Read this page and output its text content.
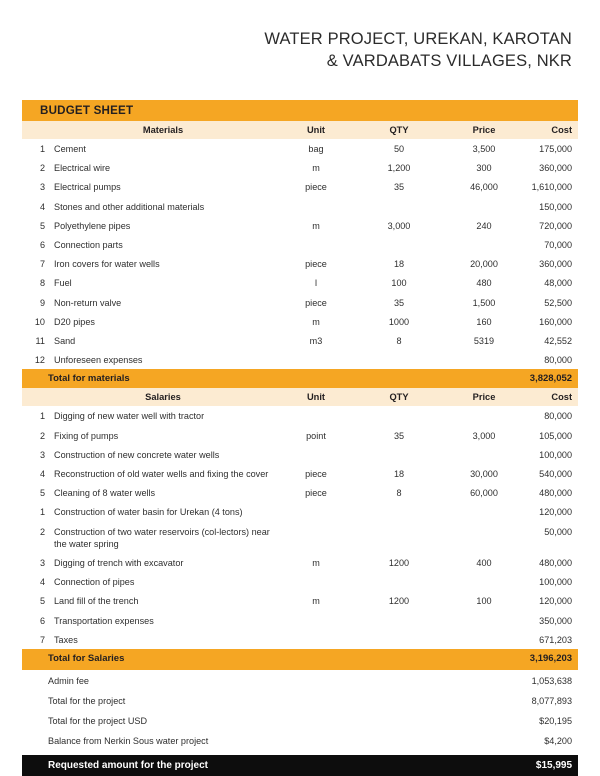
WATER PROJECT, UREKAN, KAROTAN
& VARDABATS VILLAGES, NKR
BUDGET SHEET					
	Materials	Unit	QTY	Price	Cost
1	Cement	bag	50	3,500	175,000
2	Electrical wire	m	1,200	300	360,000
3	Electrical pumps	piece	35	46,000	1,610,000
4	Stones and other additional materials				150,000
5	Polyethylene pipes	m	3,000	240	720,000
6	Connection parts				70,000
7	Iron covers for water wells	piece	18	20,000	360,000
8	Fuel	l	100	480	48,000
9	Non-return valve	piece	35	1,500	52,500
10	D20 pipes	m	1000	160	160,000
11	Sand	m3	8	5319	42,552
12	Unforeseen expenses				80,000
Total for materials					3,828,052
	Salaries	Unit	QTY	Price	Cost
1	Digging of new water well with tractor				80,000
2	Fixing of pumps	point	35	3,000	105,000
3	Construction of new concrete water wells				100,000
4	Reconstruction of old water wells and fixing the cover	piece	18	30,000	540,000
5	Cleaning of 8 water wells	piece	8	60,000	480,000
1	Construction of water basin for Urekan (4 tons)				120,000
2	Construction of two water reservoirs (col-lectors) near the water spring				50,000
3	Digging of trench with excavator	m	1200	400	480,000
4	Connection of pipes				100,000
5	Land fill of the trench	m	1200	100	120,000
6	Transportation expenses				350,000
7	Taxes				671,203
Total for Salaries					3,196,203

Admin fee					1,053,638
Total for the project					8,077,893
Total for the project USD					$20,195
Balance from Nerkin Sous water project					$4,200

Requested amount for the project					$15,995
